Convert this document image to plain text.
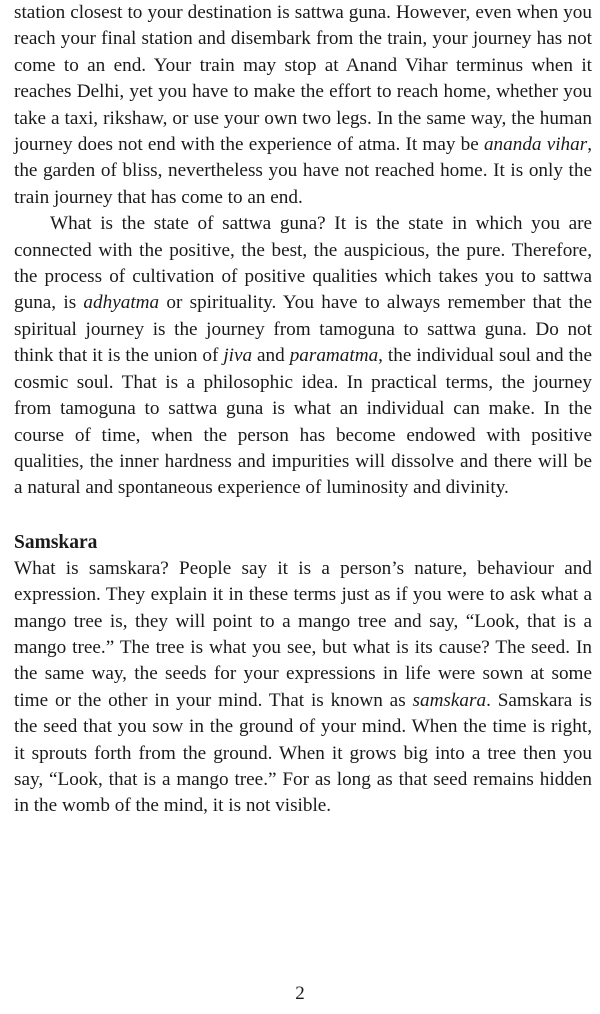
station closest to your destination is sattwa guna. However, even when you reach your final station and disembark from the train, your journey has not come to an end. Your train may stop at Anand Vihar terminus when it reaches Delhi, yet you have to make the effort to reach home, whether you take a taxi, rikshaw, or use your own two legs. In the same way, the human journey does not end with the experience of atma. It may be ananda vihar, the garden of bliss, nevertheless you have not reached home. It is only the train journey that has come to an end.

What is the state of sattwa guna? It is the state in which you are connected with the positive, the best, the auspicious, the pure. Therefore, the process of cultivation of positive qualities which takes you to sattwa guna, is adhyatma or spirituality. You have to always remember that the spiritual journey is the journey from tamoguna to sattwa guna. Do not think that it is the union of jiva and paramatma, the individual soul and the cosmic soul. That is a philosophic idea. In practical terms, the journey from tamoguna to sattwa guna is what an individual can make. In the course of time, when the person has become endowed with positive qualities, the inner hardness and impurities will dissolve and there will be a natural and spontaneous experience of luminosity and divinity.

Samskara

What is samskara? People say it is a person’s nature, behaviour and expression. They explain it in these terms just as if you were to ask what a mango tree is, they will point to a mango tree and say, “Look, that is a mango tree.” The tree is what you see, but what is its cause? The seed. In the same way, the seeds for your expressions in life were sown at some time or the other in your mind. That is known as samskara. Samskara is the seed that you sow in the ground of your mind. When the time is right, it sprouts forth from the ground. When it grows big into a tree then you say, “Look, that is a mango tree.” For as long as that seed remains hidden in the womb of the mind, it is not visible.

2
